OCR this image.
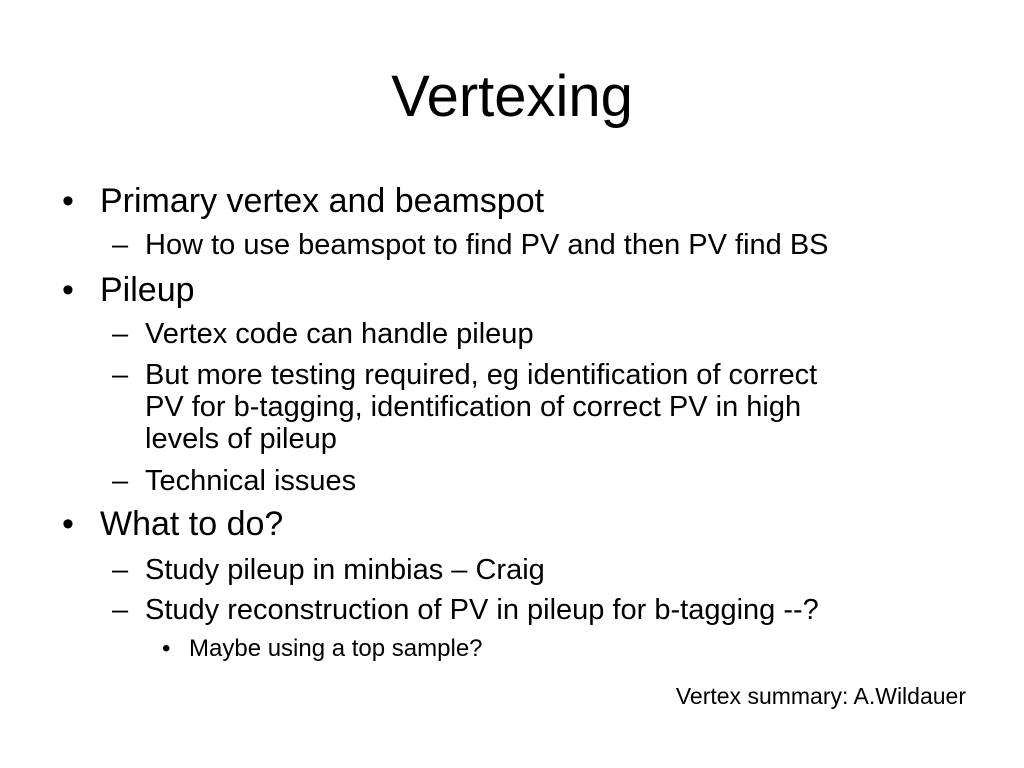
Vertexing
• Primary vertex and beamspot
– How to use beamspot to find PV and then PV find BS
• Pileup
– Vertex code can handle pileup
– But more testing required, eg identification of correct
PV for b-tagging, identification of correct PV in high
levels of pileup
– Technical issues
• What to do?
– Study pileup in minbias – Craig
– Study reconstruction of PV in pileup for b-tagging --?
• Maybe using a top sample?
Vertex summary: A.Wildauer
